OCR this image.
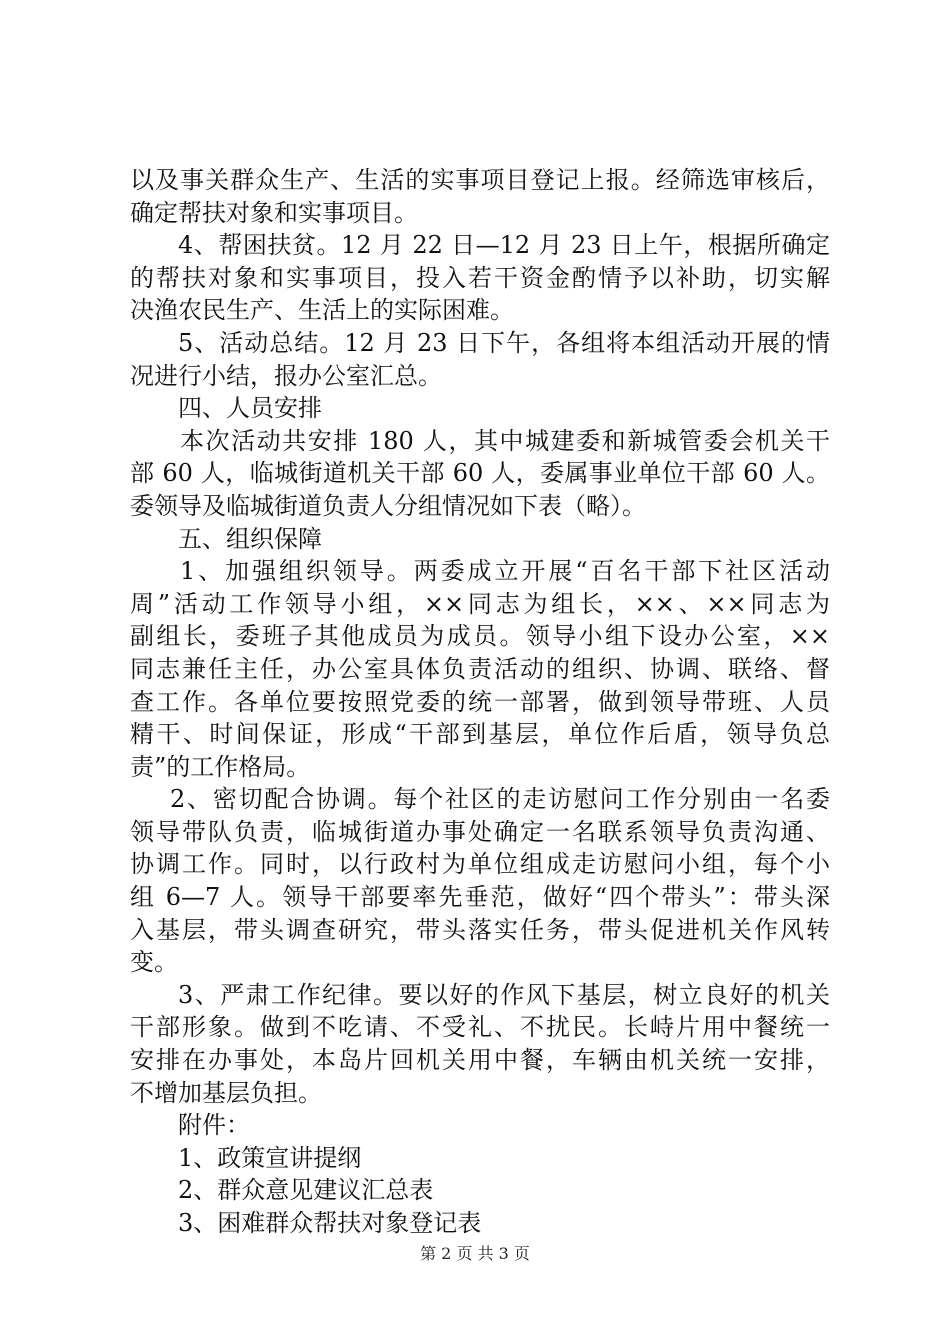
以及事关群众生产、生活的实事项目登记上报。经筛选审核后，
确定帮扶对象和实事项目。
4、帮困扶贫。12 月 22 日—12 月 23 日上午，根据所确定
的帮扶对象和实事项目，投入若干资金酌情予以补助，切实解
决渔农民生产、生活上的实际困难。
5、活动总结。12 月 23 日下午，各组将本组活动开展的情
况进行小结，报办公室汇总。
四、人员安排
本次活动共安排 180 人，其中城建委和新城管委会机关干
部 60 人，临城街道机关干部 60 人，委属事业单位干部 60 人。
委领导及临城街道负责人分组情况如下表（略）。
五、组织保障
1、加强组织领导。两委成立开展“百名干部下社区活动
周”活动工作领导小组，××同志为组长，××、××同志为
副组长，委班子其他成员为成员。领导小组下设办公室，××
同志兼任主任，办公室具体负责活动的组织、协调、联络、督
查工作。各单位要按照党委的统一部署，做到领导带班、人员
精干、时间保证，形成“干部到基层，单位作后盾，领导负总
责”的工作格局。
2、密切配合协调。每个社区的走访慰问工作分别由一名委
领导带队负责，临城街道办事处确定一名联系领导负责沟通、
协调工作。同时，以行政村为单位组成走访慰问小组，每个小
组 6—7 人。领导干部要率先垂范，做好“四个带头”：带头深
入基层，带头调查研究，带头落实任务，带头促进机关作风转
变。
3、严肃工作纪律。要以好的作风下基层，树立良好的机关
干部形象。做到不吃请、不受礼、不扰民。长峙片用中餐统一
安排在办事处，本岛片回机关用中餐，车辆由机关统一安排，
不增加基层负担。
附件：
1、政策宣讲提纲
2、群众意见建议汇总表
3、困难群众帮扶对象登记表
第 2 页 共 3 页
